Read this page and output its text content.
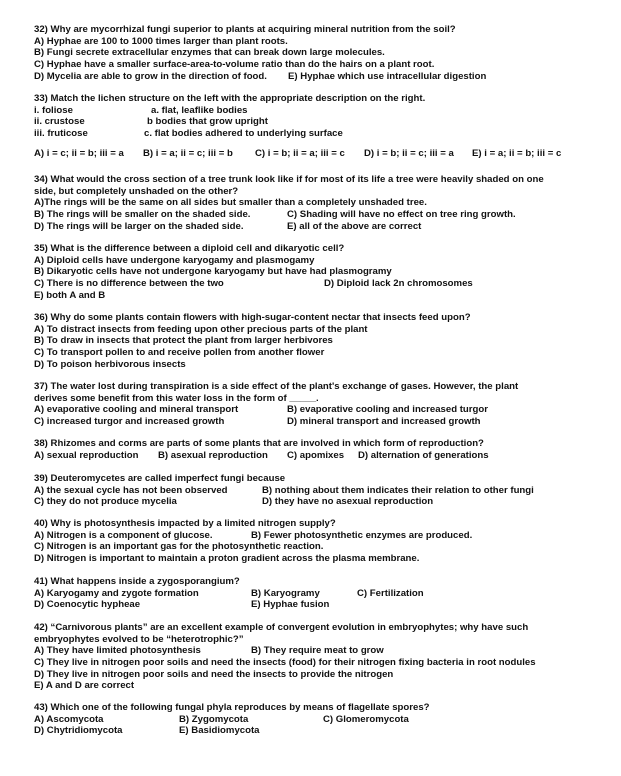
32) Why are mycorrhizal fungi superior to plants at acquiring mineral nutrition from the soil?
A) Hyphae are 100 to 1000 times larger than plant roots.
B) Fungi secrete extracellular enzymes that can break down large molecules.
C) Hyphae have a smaller surface-area-to-volume ratio than do the hairs on a plant root.
D) Mycelia are able to grow in the direction of food. E) Hyphae which use intracellular digestion
33) Match the lichen structure on the left with the appropriate description on the right.
i. foliose	a. flat, leaflike bodies
ii. crustose	b bodies that grow upright
iii. fruticose	c. flat bodies adhered to underlying surface
A) i = c; ii = b; iii = a B) i = a; ii = c; iii = b C) i = b; ii = a; iii = c D) i = b; ii = c; iii = a E) i = a; ii = b; iii = c
34) What would the cross section of a tree trunk look like if for most of its life a tree were heavily shaded on one
side, but completely unshaded on the other?
A)The rings will be the same on all sides but smaller than a completely unshaded tree.
B) The rings will be smaller on the shaded side.	C) Shading will have no effect on tree ring growth.
D) The rings will be larger on the shaded side.	E) all of the above are correct
35) What is the difference between a diploid cell and dikaryotic cell?
A) Diploid cells have undergone karyogamy and plasmogamy
B) Dikaryotic cells have not undergone karyogamy but have had plasmogramy
C) There is no difference between the two	D) Diploid lack 2n chromosomes
E) both A and B
36) Why do some plants contain flowers with high-sugar-content nectar that insects feed upon?
A) To distract insects from feeding upon other precious parts of the plant
B) To draw in insects that protect the plant from larger herbivores
C) To transport pollen to and receive pollen from another flower
D) To poison herbivorous insects
37) The water lost during transpiration is a side effect of the plant's exchange of gases. However, the plant
derives some benefit from this water loss in the form of _____.
A) evaporative cooling and mineral transport	B) evaporative cooling and increased turgor
C) increased turgor and increased growth	D) mineral transport and increased growth
38) Rhizomes and corms are parts of some plants that are involved in which form of reproduction?
A) sexual reproduction B) asexual reproduction C) apomixes D) alternation of generations
39) Deuteromycetes are called imperfect fungi because
A) the sexual cycle has not been observed	B) nothing about them indicates their relation to other fungi
C) they do not produce mycelia	D) they have no asexual reproduction
40) Why is photosynthesis impacted by a limited nitrogen supply?
A) Nitrogen is a component of glucose.	B) Fewer photosynthetic enzymes are produced.
C) Nitrogen is an important gas for the photosynthetic reaction.
D) Nitrogen is important to maintain a proton gradient across the plasma membrane.
41) What happens inside a zygosporangium?
A) Karyogamy and zygote formation	B) Karyogramy	C) Fertilization
D) Coenocytic hypheae	E) Hyphae fusion
42) “Carnivorous plants” are an excellent example of convergent evolution in embryophytes; why have such
embryophytes evolved to be “heterotrophic?”
A) They have limited photosynthesis	B) They require meat to grow
C) They live in nitrogen poor soils and need the insects (food) for their nitrogen fixing bacteria in root nodules
D) They live in nitrogen poor soils and need the insects to provide the nitrogen
E) A and D are correct
43) Which one of the following fungal phyla reproduces by means of flagellate spores?
A) Ascomycota	B) Zygomycota	C) Glomeromycota
D) Chytridiomycota	E) Basidiomycota
